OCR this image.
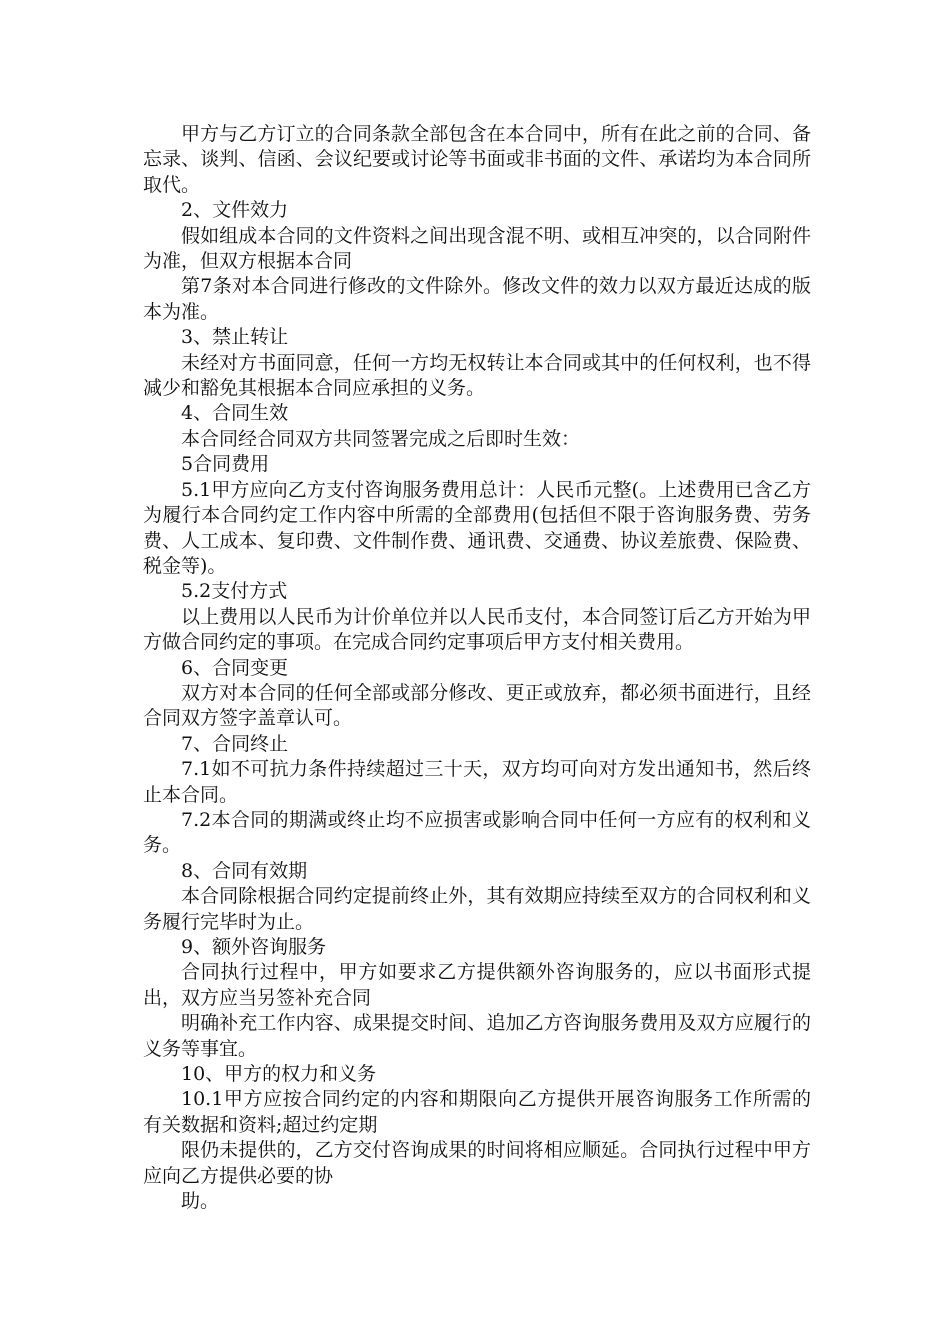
甲方与乙方订立的合同条款全部包含在本合同中，所有在此之前的合同、备忘录、谈判、信函、会议纪要或讨论等书面或非书面的文件、承诺均为本合同所取代。

2、文件效力

假如组成本合同的文件资料之间出现含混不明、或相互冲突的，以合同附件为准，但双方根据本合同

第7条对本合同进行修改的文件除外。修改文件的效力以双方最近达成的版本为准。

3、禁止转让

未经对方书面同意，任何一方均无权转让本合同或其中的任何权利，也不得减少和豁免其根据本合同应承担的义务。

4、合同生效

本合同经合同双方共同签署完成之后即时生效：

5合同费用

5.1甲方应向乙方支付咨询服务费用总计：人民币元整(。上述费用已含乙方为履行本合同约定工作内容中所需的全部费用(包括但不限于咨询服务费、劳务费、人工成本、复印费、文件制作费、通讯费、交通费、协议差旅费、保险费、税金等)。

5.2支付方式

以上费用以人民币为计价单位并以人民币支付，本合同签订后乙方开始为甲方做合同约定的事项。在完成合同约定事项后甲方支付相关费用。

6、合同变更

双方对本合同的任何全部或部分修改、更正或放弃，都必须书面进行，且经合同双方签字盖章认可。

7、合同终止

7.1如不可抗力条件持续超过三十天，双方均可向对方发出通知书，然后终止本合同。

7.2本合同的期满或终止均不应损害或影响合同中任何一方应有的权利和义务。

8、合同有效期

本合同除根据合同约定提前终止外，其有效期应持续至双方的合同权利和义务履行完毕时为止。

9、额外咨询服务

合同执行过程中，甲方如要求乙方提供额外咨询服务的，应以书面形式提出，双方应当另签补充合同

明确补充工作内容、成果提交时间、追加乙方咨询服务费用及双方应履行的义务等事宜。

10、甲方的权力和义务

10.1甲方应按合同约定的内容和期限向乙方提供开展咨询服务工作所需的有关数据和资料;超过约定期

限仍未提供的，乙方交付咨询成果的时间将相应顺延。合同执行过程中甲方应向乙方提供必要的协

助。
